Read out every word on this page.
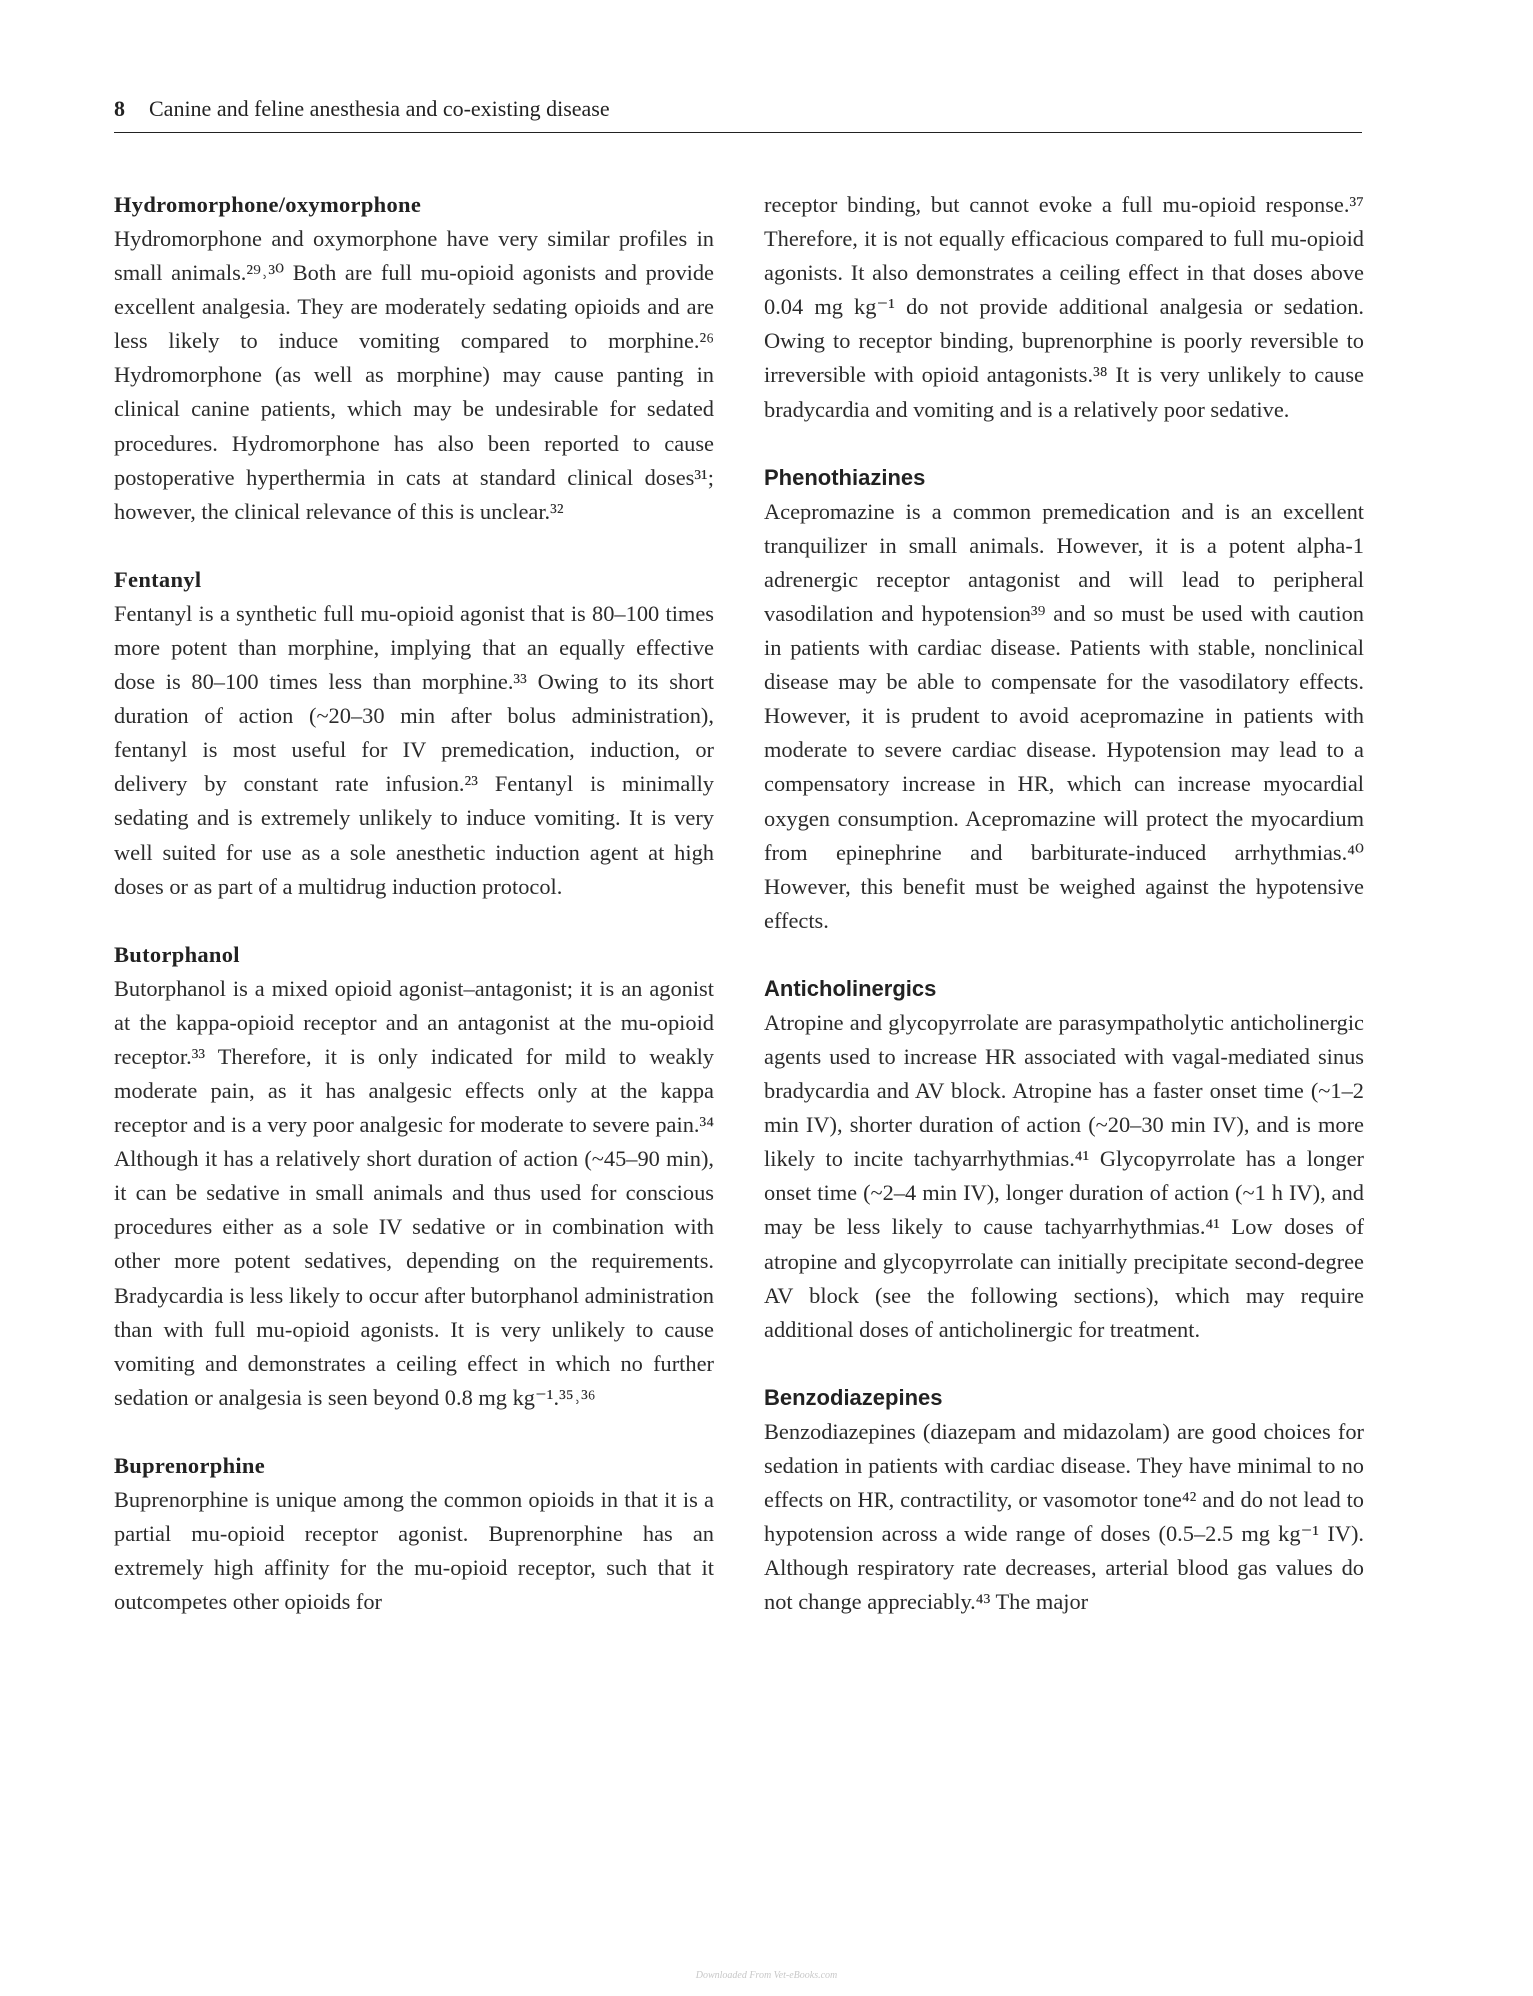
8 Canine and feline anesthesia and co-existing disease
Hydromorphone/oxymorphone

Hydromorphone and oxymorphone have very similar profiles in small animals.²⁹˒³⁰ Both are full mu-opioid agonists and provide excellent analgesia. They are moderately sedating opioids and are less likely to induce vomiting compared to morphine.²⁶ Hydromorphone (as well as morphine) may cause panting in clinical canine patients, which may be undesirable for sedated procedures. Hydromorphone has also been reported to cause postoperative hyperthermia in cats at standard clinical doses³¹; however, the clinical relevance of this is unclear.³²

Fentanyl

Fentanyl is a synthetic full mu-opioid agonist that is 80–100 times more potent than morphine, implying that an equally effective dose is 80–100 times less than morphine.³³ Owing to its short duration of action (~20–30 min after bolus administration), fentanyl is most useful for IV premedication, induction, or delivery by constant rate infusion.²³ Fentanyl is minimally sedating and is extremely unlikely to induce vomiting. It is very well suited for use as a sole anesthetic induction agent at high doses or as part of a multidrug induction protocol.

Butorphanol

Butorphanol is a mixed opioid agonist–antagonist; it is an agonist at the kappa-opioid receptor and an antagonist at the mu-opioid receptor.³³ Therefore, it is only indicated for mild to weakly moderate pain, as it has analgesic effects only at the kappa receptor and is a very poor analgesic for moderate to severe pain.³⁴ Although it has a relatively short duration of action (~45–90 min), it can be sedative in small animals and thus used for conscious procedures either as a sole IV sedative or in combination with other more potent sedatives, depending on the requirements. Bradycardia is less likely to occur after butorphanol administration than with full mu-opioid agonists. It is very unlikely to cause vomiting and demonstrates a ceiling effect in which no further sedation or analgesia is seen beyond 0.8 mg kg⁻¹.³⁵˒³⁶

Buprenorphine

Buprenorphine is unique among the common opioids in that it is a partial mu-opioid receptor agonist. Buprenorphine has an extremely high affinity for the mu-opioid receptor, such that it outcompetes other opioids for

receptor binding, but cannot evoke a full mu-opioid response.³⁷ Therefore, it is not equally efficacious compared to full mu-opioid agonists. It also demonstrates a ceiling effect in that doses above 0.04 mg kg⁻¹ do not provide additional analgesia or sedation. Owing to receptor binding, buprenorphine is poorly reversible to irreversible with opioid antagonists.³⁸ It is very unlikely to cause bradycardia and vomiting and is a relatively poor sedative.

Phenothiazines

Acepromazine is a common premedication and is an excellent tranquilizer in small animals. However, it is a potent alpha-1 adrenergic receptor antagonist and will lead to peripheral vasodilation and hypotension³⁹ and so must be used with caution in patients with cardiac disease. Patients with stable, nonclinical disease may be able to compensate for the vasodilatory effects. However, it is prudent to avoid acepromazine in patients with moderate to severe cardiac disease. Hypotension may lead to a compensatory increase in HR, which can increase myocardial oxygen consumption. Acepromazine will protect the myocardium from epinephrine and barbiturate-induced arrhythmias.⁴⁰ However, this benefit must be weighed against the hypotensive effects.

Anticholinergics

Atropine and glycopyrrolate are parasympatholytic anticholinergic agents used to increase HR associated with vagal-mediated sinus bradycardia and AV block. Atropine has a faster onset time (~1–2 min IV), shorter duration of action (~20–30 min IV), and is more likely to incite tachyarrhythmias.⁴¹ Glycopyrrolate has a longer onset time (~2–4 min IV), longer duration of action (~1 h IV), and may be less likely to cause tachyarrhythmias.⁴¹ Low doses of atropine and glycopyrrolate can initially precipitate second-degree AV block (see the following sections), which may require additional doses of anticholinergic for treatment.

Benzodiazepines

Benzodiazepines (diazepam and midazolam) are good choices for sedation in patients with cardiac disease. They have minimal to no effects on HR, contractility, or vasomotor tone⁴² and do not lead to hypotension across a wide range of doses (0.5–2.5 mg kg⁻¹ IV). Although respiratory rate decreases, arterial blood gas values do not change appreciably.⁴³ The major

Downloaded From Vet-eBooks.com
